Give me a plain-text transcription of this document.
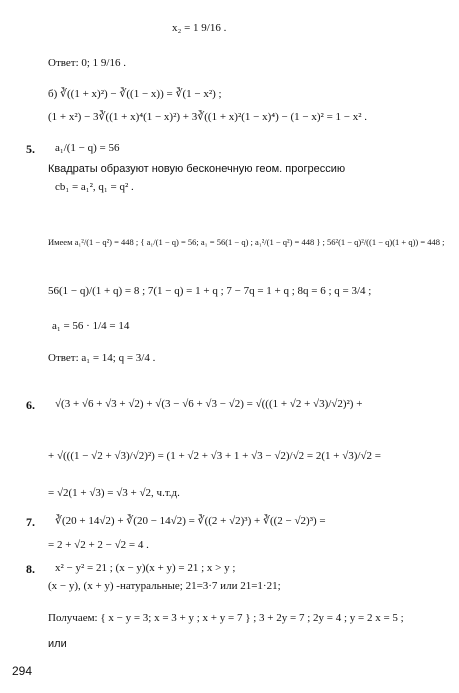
x₂ = 1 9/16 .
Ответ: 0; 1 9/16 .
б) ∛((1 + x)²) − ∛((1 − x)) = ∛(1 − x²) ;
(1 + x²) − 3∛((1 + x)⁴(1 − x)²) + 3∛((1 + x)²(1 − x)⁴) − (1 − x)² = 1 − x² .
5. a₁/(1 − q) = 56
Квадраты образуют новую бесконечную геом. прогрессию
cb₁ = a₁², q₁ = q² .
Имеем a₁²/(1 − q²) = 448 ; { a₁/(1 − q) = 56; a₁ = 56(1 − q) ; a₁²/(1 − q²) = 448 } ; 56²(1 − q)²/((1 − q)(1 + q)) = 448 ;
56(1 − q)/(1 + q) = 8 ; 7(1 − q) = 1 + q ; 7 − 7q = 1 + q ; 8q = 6 ; q = 3/4 ;
a₁ = 56 · 1/4 = 14
Ответ: a₁ = 14; q = 3/4 .
6. √(3 + √6 + √3 + √2) + √(3 − √6 + √3 − √2) = √(((1 + √2 + √3)/√2)²) +
+ √(((1 − √2 + √3)/√2)²) = (1 + √2 + √3 + 1 + √3 − √2)/√2 = 2(1 + √3)/√2 =
= √2(1 + √3) = √3 + √2, ч.т.д.
7. ∛(20 + 14√2) + ∛(20 − 14√2) = ∛((2 + √2)³) + ∛((2 − √2)³) =
= 2 + √2 + 2 − √2 = 4 .
8. x² − y² = 21 ; (x − y)(x + y) = 21 ; x > y ;
(x − y), (x + y) -натуральные; 21=3·7 или 21=1·21;
Получаем: { x − y = 3; x = 3 + y ; x + y = 7 } ; 3 + 2y = 7 ; 2y = 4 ; y = 2 x = 5 ;
или
294
